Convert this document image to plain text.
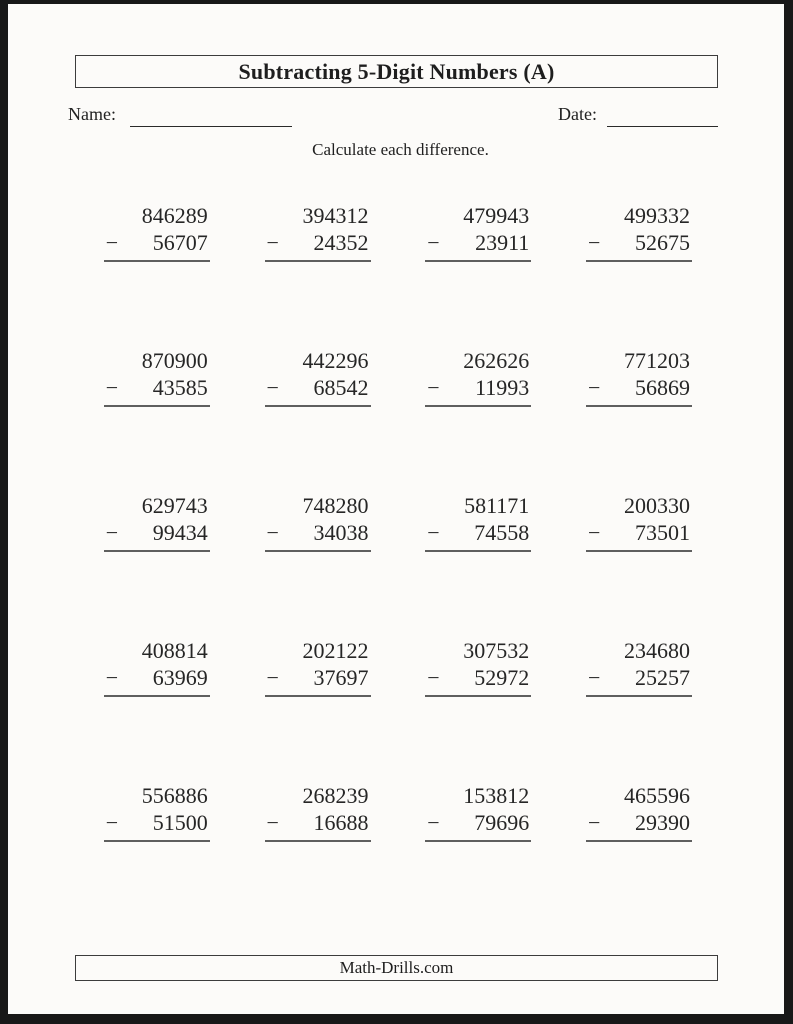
Subtracting 5-Digit Numbers (A)
Name:	Date:
Calculate each difference.
846289
− 56707
394312
− 24352
479943
− 23911
499332
− 52675
870900
− 43585
442296
− 68542
262626
− 11993
771203
− 56869
629743
− 99434
748280
− 34038
581171
− 74558
200330
− 73501
408814
− 63969
202122
− 37697
307532
− 52972
234680
− 25257
556886
− 51500
268239
− 16688
153812
− 79696
465596
− 29390
Math-Drills.com
